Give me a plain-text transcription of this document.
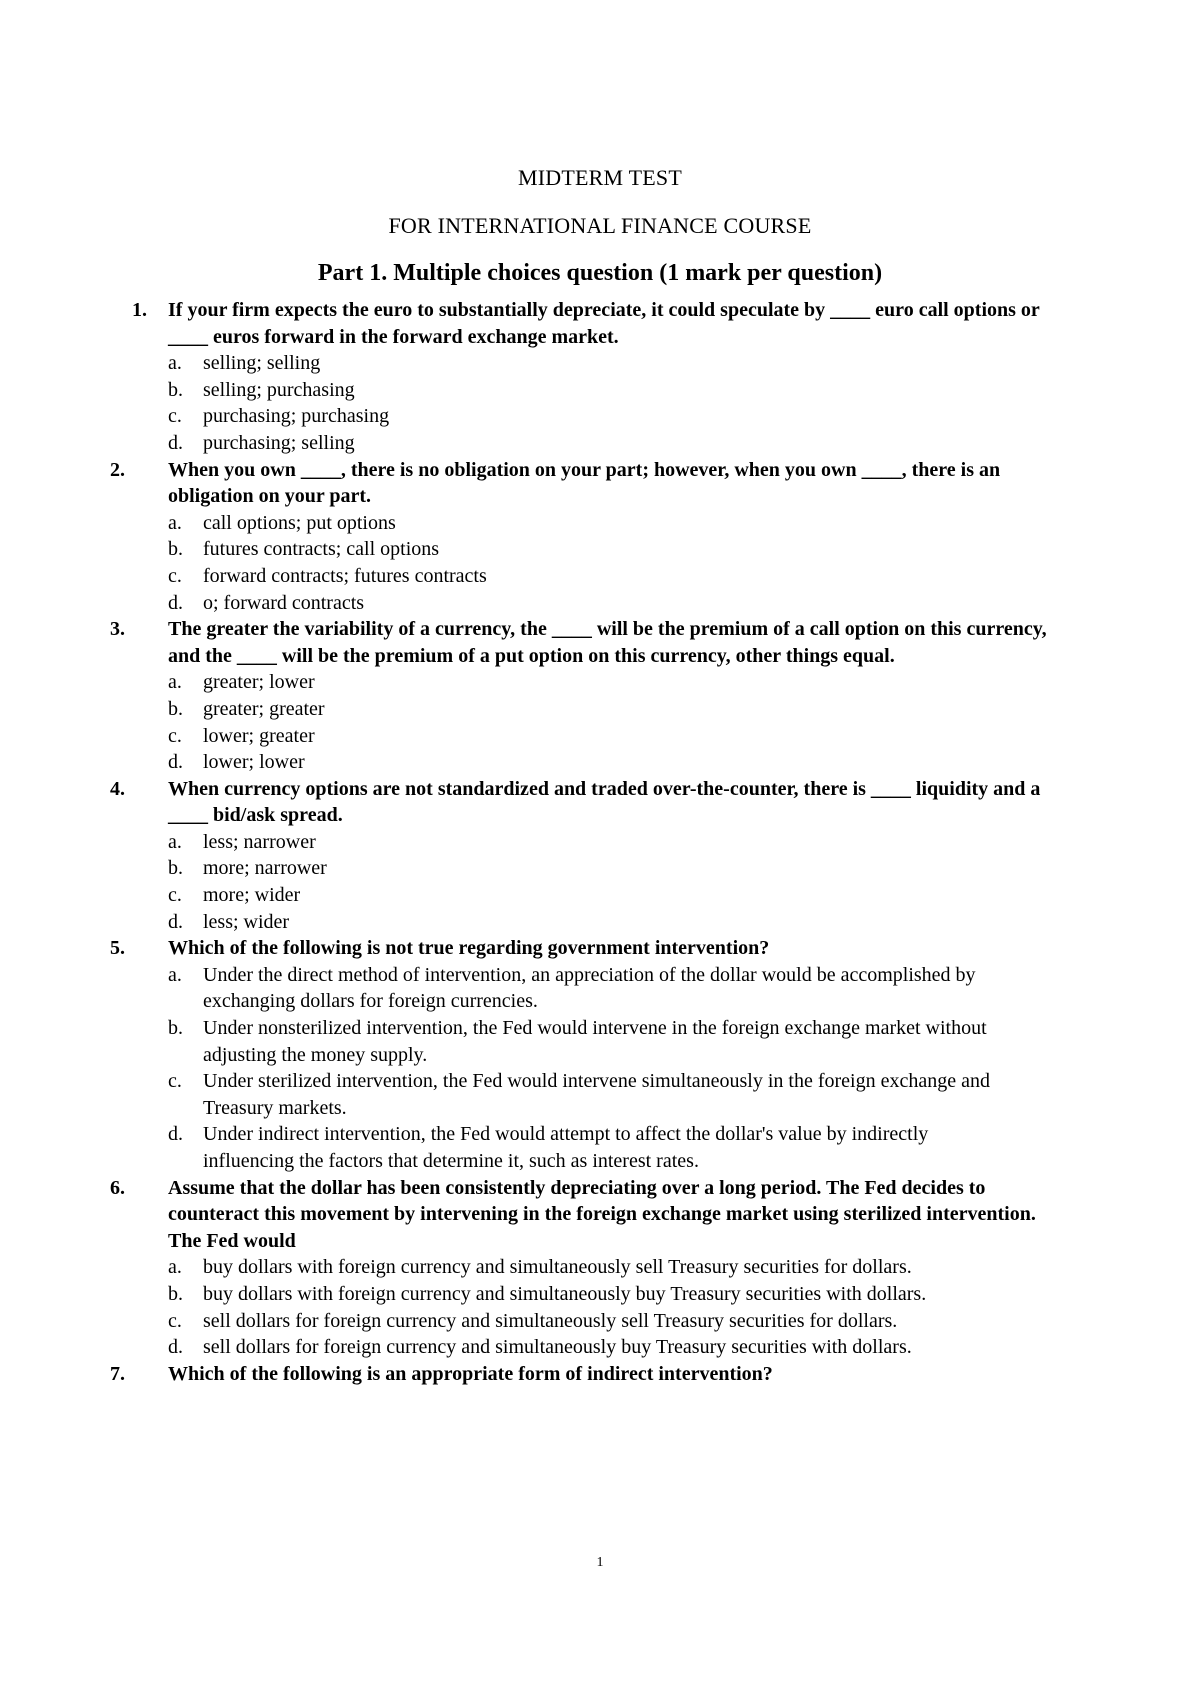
MIDTERM TEST
FOR INTERNATIONAL FINANCE COURSE
Part 1. Multiple choices question (1 mark per question)
1. If your firm expects the euro to substantially depreciate, it could speculate by ____ euro call options or ____ euros forward in the forward exchange market.
a. selling; selling
b. selling; purchasing
c. purchasing; purchasing
d. purchasing; selling
2. When you own ____, there is no obligation on your part; however, when you own ____, there is an obligation on your part.
a. call options; put options
b. futures contracts; call options
c. forward contracts; futures contracts
d. o; forward contracts
3. The greater the variability of a currency, the ____ will be the premium of a call option on this currency, and the ____ will be the premium of a put option on this currency, other things equal.
a. greater; lower
b. greater; greater
c. lower; greater
d. lower; lower
4. When currency options are not standardized and traded over-the-counter, there is ____ liquidity and a ____ bid/ask spread.
a. less; narrower
b. more; narrower
c. more; wider
d. less; wider
5. Which of the following is not true regarding government intervention?
a. Under the direct method of intervention, an appreciation of the dollar would be accomplished by exchanging dollars for foreign currencies.
b. Under nonsterilized intervention, the Fed would intervene in the foreign exchange market without adjusting the money supply.
c. Under sterilized intervention, the Fed would intervene simultaneously in the foreign exchange and Treasury markets.
d. Under indirect intervention, the Fed would attempt to affect the dollar's value by indirectly influencing the factors that determine it, such as interest rates.
6. Assume that the dollar has been consistently depreciating over a long period. The Fed decides to counteract this movement by intervening in the foreign exchange market using sterilized intervention. The Fed would
a. buy dollars with foreign currency and simultaneously sell Treasury securities for dollars.
b. buy dollars with foreign currency and simultaneously buy Treasury securities with dollars.
c. sell dollars for foreign currency and simultaneously sell Treasury securities for dollars.
d. sell dollars for foreign currency and simultaneously buy Treasury securities with dollars.
7. Which of the following is an appropriate form of indirect intervention?
1
